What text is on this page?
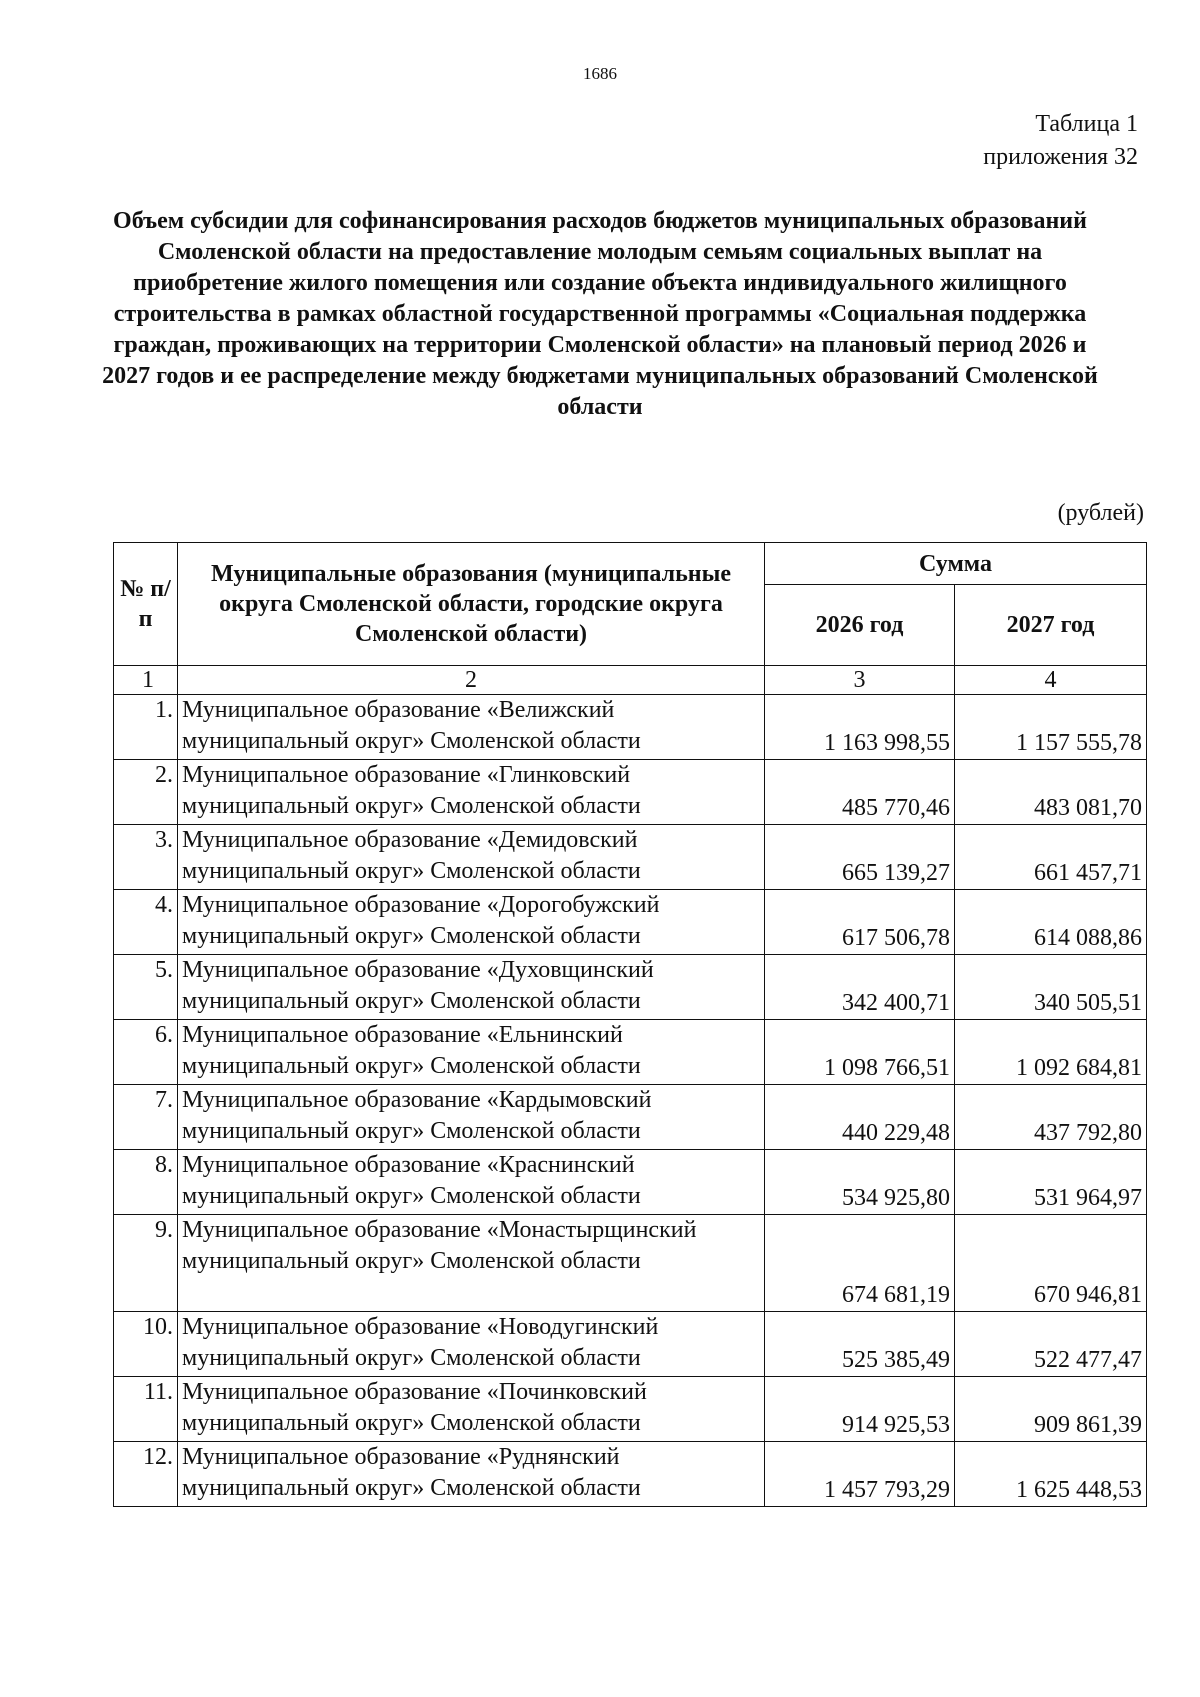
1686
Таблица 1
приложения 32
Объем субсидии для софинансирования расходов бюджетов муниципальных образований Смоленской области на предоставление молодым семьям социальных выплат на приобретение жилого помещения или создание объекта индивидуального жилищного строительства в рамках областной государственной программы «Социальная поддержка граждан, проживающих на территории Смоленской области» на плановый период 2026 и 2027 годов и ее распределение между бюджетами муниципальных образований Смоленской области
(рублей)
№ п/п	Муниципальные образования (муниципальные округа Смоленской области, городские округа Смоленской области)	Сумма	
		2026 год	2027 год
1	2	3	4
1.	Муниципальное образование «Велижский муниципальный округ» Смоленской области	1 163 998,55	1 157 555,78
2.	Муниципальное образование «Глинковский муниципальный округ» Смоленской области	485 770,46	483 081,70
3.	Муниципальное образование «Демидовский муниципальный округ» Смоленской области	665 139,27	661 457,71
4.	Муниципальное образование «Дорогобужский муниципальный округ» Смоленской области	617 506,78	614 088,86
5.	Муниципальное образование «Духовщинский муниципальный округ» Смоленской области	342 400,71	340 505,51
6.	Муниципальное образование «Ельнинский муниципальный округ» Смоленской области	1 098 766,51	1 092 684,81
7.	Муниципальное образование «Кардымовский муниципальный округ» Смоленской области	440 229,48	437 792,80
8.	Муниципальное образование «Краснинский муниципальный округ» Смоленской области	534 925,80	531 964,97
9.	Муниципальное образование «Монастырщинский муниципальный округ» Смоленской области	674 681,19	670 946,81
10.	Муниципальное образование «Новодугинский муниципальный округ» Смоленской области	525 385,49	522 477,47
11.	Муниципальное образование «Починковский муниципальный округ» Смоленской области	914 925,53	909 861,39
12.	Муниципальное образование «Руднянский муниципальный округ» Смоленской области	1 457 793,29	1 625 448,53
